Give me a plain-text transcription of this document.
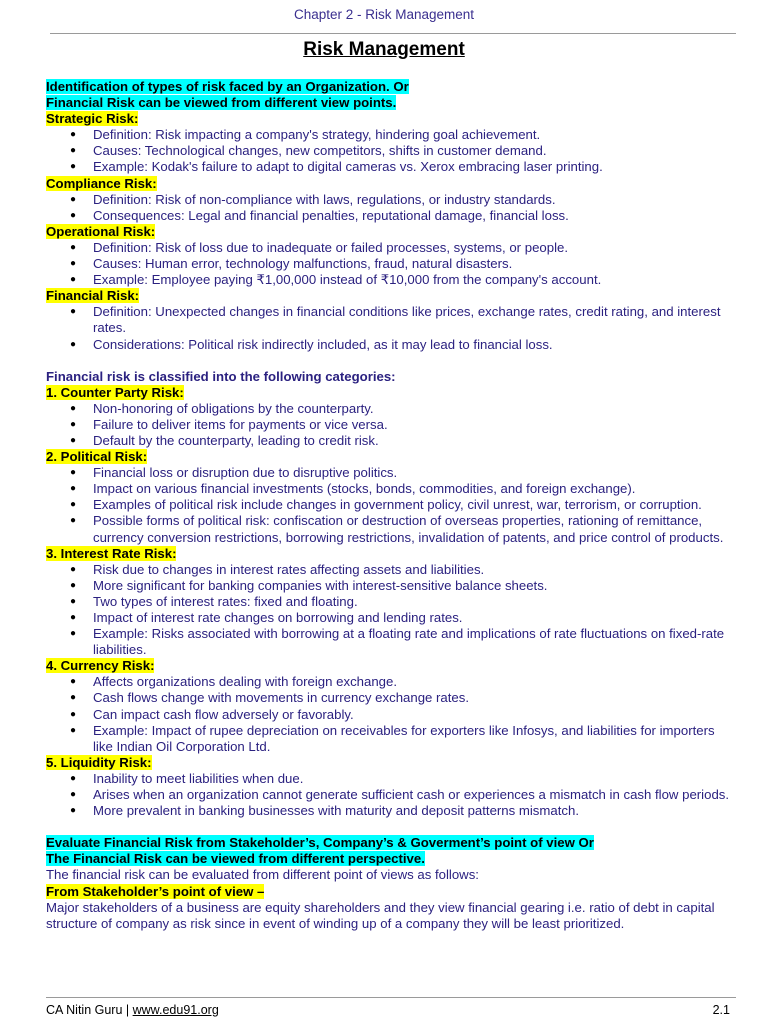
Chapter 2 - Risk Management
Risk Management

Identification of types of risk faced by an Organization. Or

Financial Risk can be viewed from different view points.

Strategic Risk:

● Definition: Risk impacting a company's strategy, hindering goal achievement.
● Causes: Technological changes, new competitors, shifts in customer demand.
● Example: Kodak's failure to adapt to digital cameras vs. Xerox embracing laser printing.

Compliance Risk:

● Definition: Risk of non-compliance with laws, regulations, or industry standards.
● Consequences: Legal and financial penalties, reputational damage, financial loss.

Operational Risk:

● Definition: Risk of loss due to inadequate or failed processes, systems, or people.
● Causes: Human error, technology malfunctions, fraud, natural disasters.
● Example: Employee paying ₹1,00,000 instead of ₹10,000 from the company's account.

Financial Risk:

● Definition: Unexpected changes in financial conditions like prices, exchange rates, credit rating, and interest rates.
● Considerations: Political risk indirectly included, as it may lead to financial loss.

Financial risk is classified into the following categories:

1. Counter Party Risk:

● Non-honoring of obligations by the counterparty.
● Failure to deliver items for payments or vice versa.
● Default by the counterparty, leading to credit risk.

2. Political Risk:

● Financial loss or disruption due to disruptive politics.
● Impact on various financial investments (stocks, bonds, commodities, and foreign exchange).
● Examples of political risk include changes in government policy, civil unrest, war, terrorism, or corruption.
● Possible forms of political risk: confiscation or destruction of overseas properties, rationing of remittance, currency conversion restrictions, borrowing restrictions, invalidation of patents, and price control of products.

3. Interest Rate Risk:

● Risk due to changes in interest rates affecting assets and liabilities.
● More significant for banking companies with interest-sensitive balance sheets.
● Two types of interest rates: fixed and floating.
● Impact of interest rate changes on borrowing and lending rates.
● Example: Risks associated with borrowing at a floating rate and implications of rate fluctuations on fixed-rate liabilities.

4. Currency Risk:

● Affects organizations dealing with foreign exchange.
● Cash flows change with movements in currency exchange rates.
● Can impact cash flow adversely or favorably.
● Example: Impact of rupee depreciation on receivables for exporters like Infosys, and liabilities for importers like Indian Oil Corporation Ltd.

5. Liquidity Risk:

● Inability to meet liabilities when due.
● Arises when an organization cannot generate sufficient cash or experiences a mismatch in cash flow periods.
● More prevalent in banking businesses with maturity and deposit patterns mismatch.

Evaluate Financial Risk from Stakeholder’s, Company’s & Goverment’s point of view Or

The Financial Risk can be viewed from different perspective.

The financial risk can be evaluated from different point of views as follows:

From Stakeholder’s point of view –

Major stakeholders of a business are equity shareholders and they view financial gearing i.e. ratio of debt in capital structure of company as risk since in event of winding up of a company they will be least prioritized.

CA Nitin Guru | www.edu91.org	2.1
